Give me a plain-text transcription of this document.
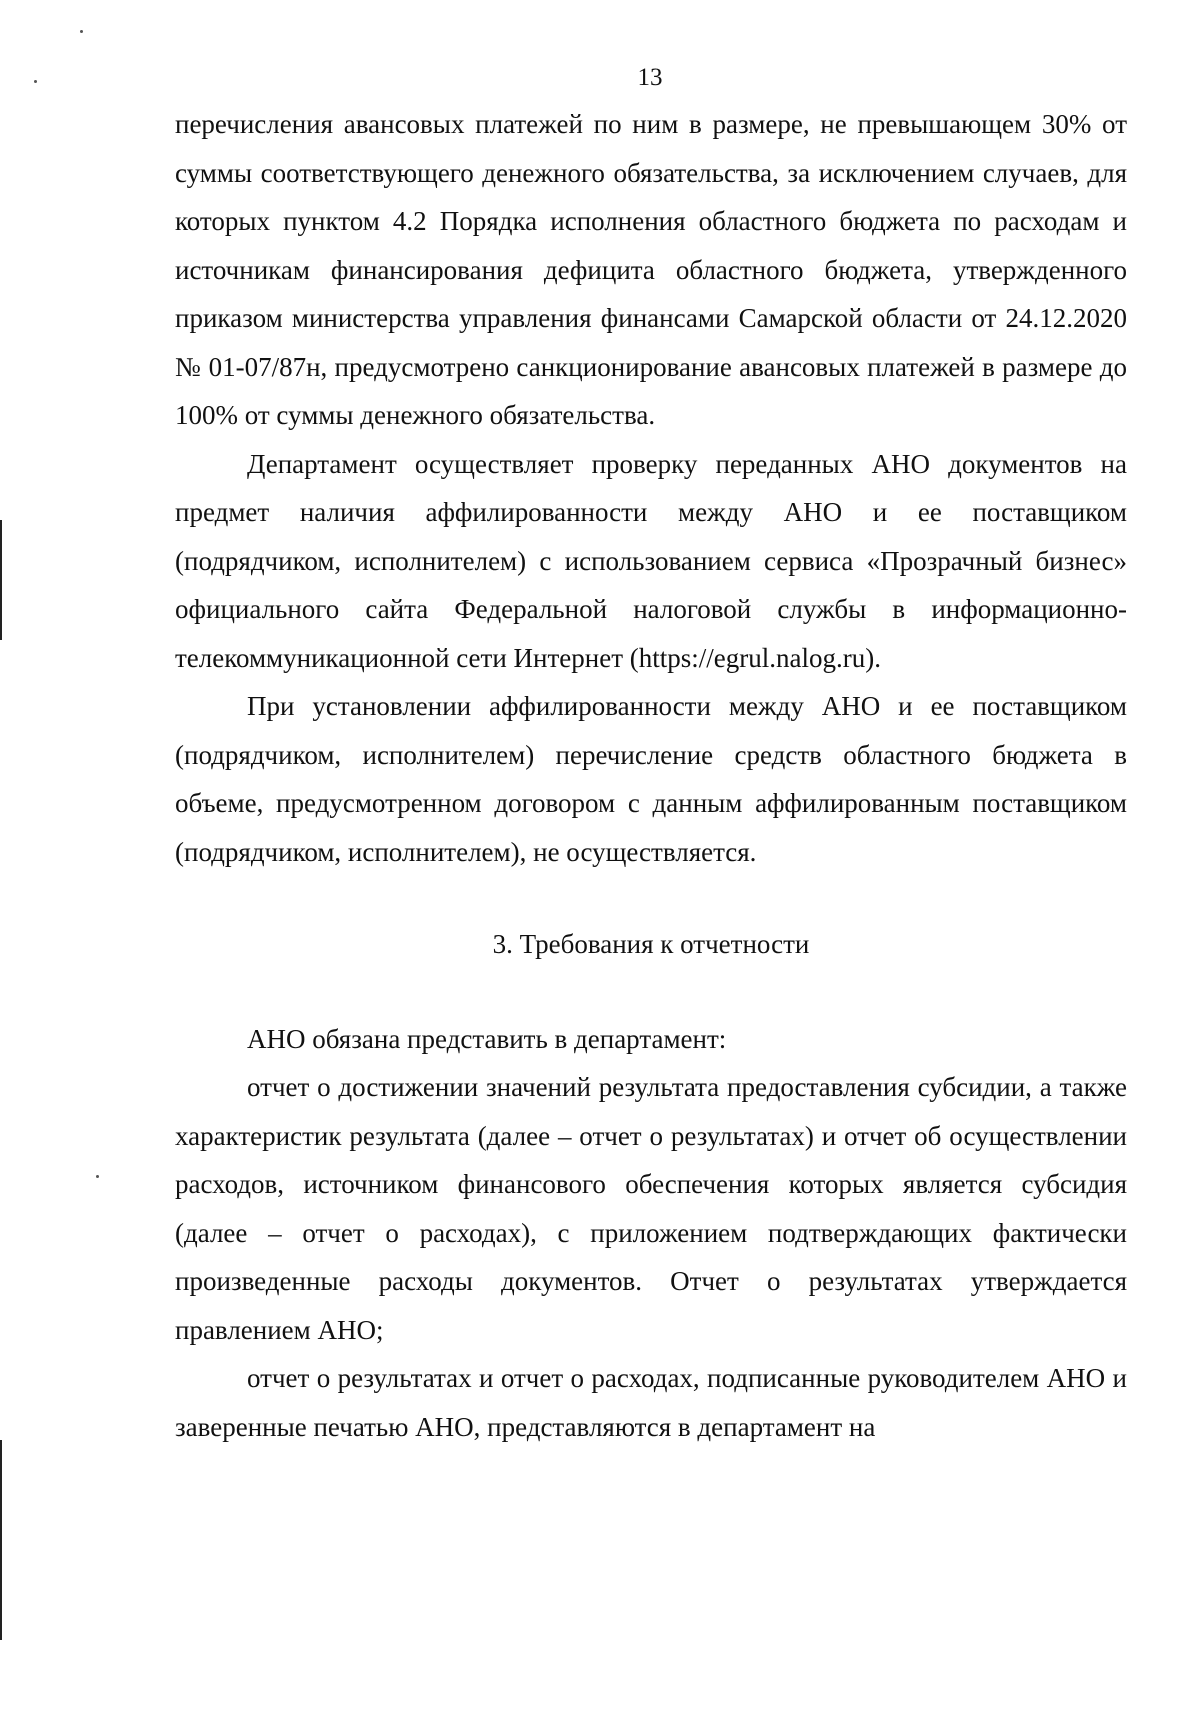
13

перечисления авансовых платежей по ним в размере, не превышающем 30% от суммы соответствующего денежного обязательства, за исключением случаев, для которых пунктом 4.2 Порядка исполнения областного бюджета по расходам и источникам финансирования дефицита областного бюджета, утвержденного приказом министерства управления финансами Самарской области от 24.12.2020 № 01-07/87н, предусмотрено санкционирование авансовых платежей в размере до 100% от суммы денежного обязательства.

Департамент осуществляет проверку переданных АНО документов на предмет наличия аффилированности между АНО и ее поставщиком (подрядчиком, исполнителем) с использованием сервиса «Прозрачный бизнес» официального сайта Федеральной налоговой службы в информационно-телекоммуникационной сети Интернет (https://egrul.nalog.ru).

При установлении аффилированности между АНО и ее поставщиком (подрядчиком, исполнителем) перечисление средств областного бюджета в объеме, предусмотренном договором с данным аффилированным поставщиком (подрядчиком, исполнителем), не осуществляется.

3. Требования к отчетности

АНО обязана представить в департамент:

отчет о достижении значений результата предоставления субсидии, а также характеристик результата (далее – отчет о результатах) и отчет об осуществлении расходов, источником финансового обеспечения которых является субсидия (далее – отчет о расходах), с приложением подтверждающих фактически произведенные расходы документов. Отчет о результатах утверждается правлением АНО;

отчет о результатах и отчет о расходах, подписанные руководителем АНО и заверенные печатью АНО, представляются в департамент на
